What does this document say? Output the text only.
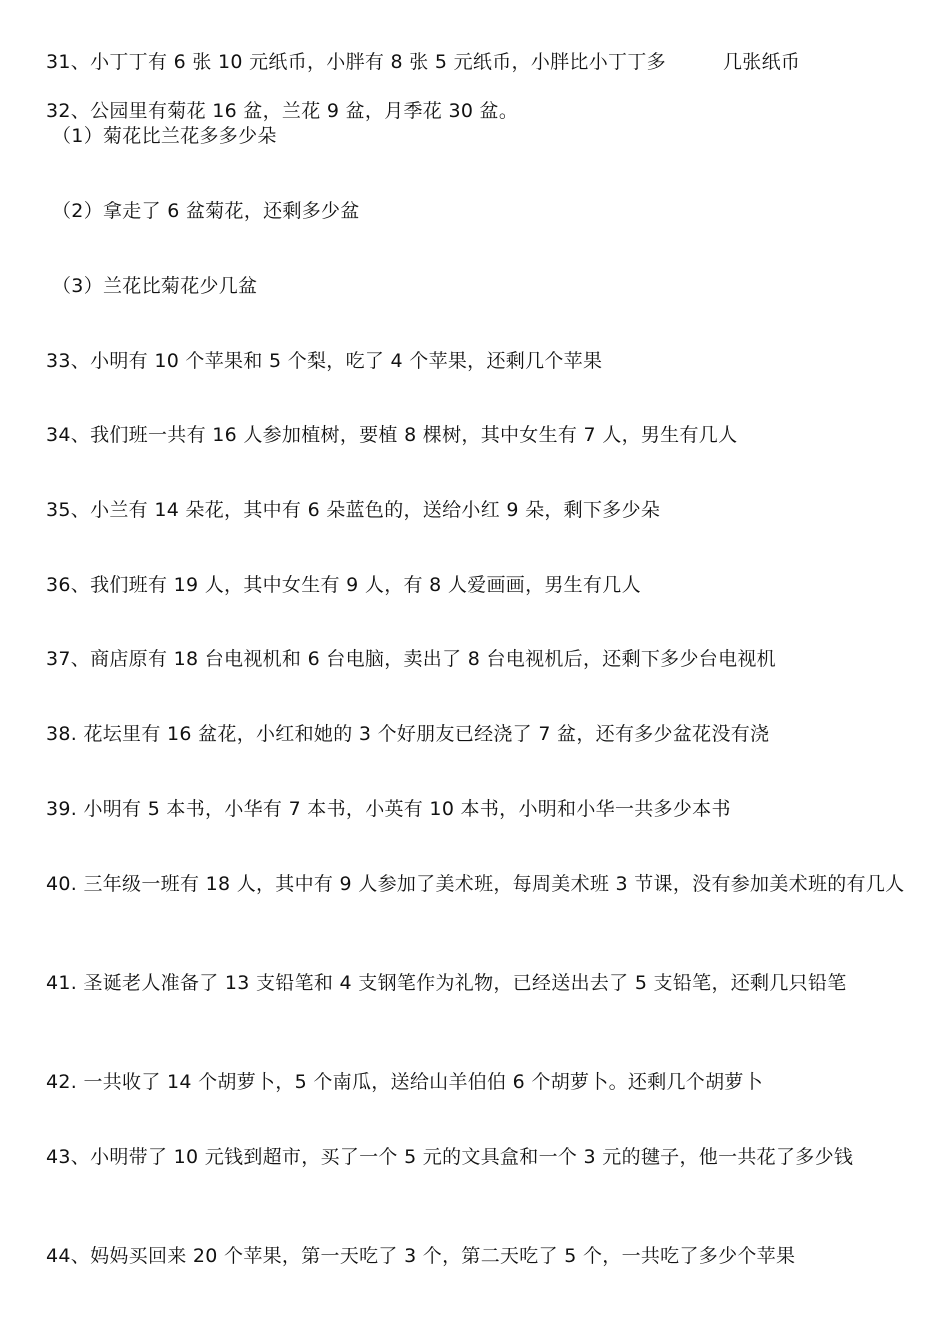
31、小丁丁有 6 张 10 元纸币，小胖有 8 张 5 元纸币，小胖比小丁丁多         几张纸币
32、公园里有菊花 16 盆，兰花 9 盆，月季花 30 盆。
（1）菊花比兰花多多少朵
（2）拿走了 6 盆菊花，还剩多少盆
（3）兰花比菊花少几盆
33、小明有 10 个苹果和 5 个梨，吃了 4 个苹果，还剩几个苹果
34、我们班一共有 16 人参加植树，要植 8 棵树，其中女生有 7 人，男生有几人
35、小兰有 14 朵花，其中有 6 朵蓝色的，送给小红 9 朵，剩下多少朵
36、我们班有 19 人，其中女生有 9 人，有 8 人爱画画，男生有几人
37、商店原有 18 台电视机和 6 台电脑，卖出了 8 台电视机后，还剩下多少台电视机
38. 花坛里有 16 盆花，小红和她的 3 个好朋友已经浇了 7 盆，还有多少盆花没有浇
39. 小明有 5 本书，小华有 7 本书，小英有 10 本书，小明和小华一共多少本书
40. 三年级一班有 18 人，其中有 9 人参加了美术班，每周美术班 3 节课，没有参加美术班的有几人
41. 圣诞老人准备了 13 支铅笔和 4 支钢笔作为礼物，已经送出去了 5 支铅笔，还剩几只铅笔
42. 一共收了 14 个胡萝卜，5 个南瓜，送给山羊伯伯 6 个胡萝卜。还剩几个胡萝卜
43、小明带了 10 元钱到超市，买了一个 5 元的文具盒和一个 3 元的毽子，他一共花了多少钱
44、妈妈买回来 20 个苹果，第一天吃了 3 个，第二天吃了 5 个，一共吃了多少个苹果
